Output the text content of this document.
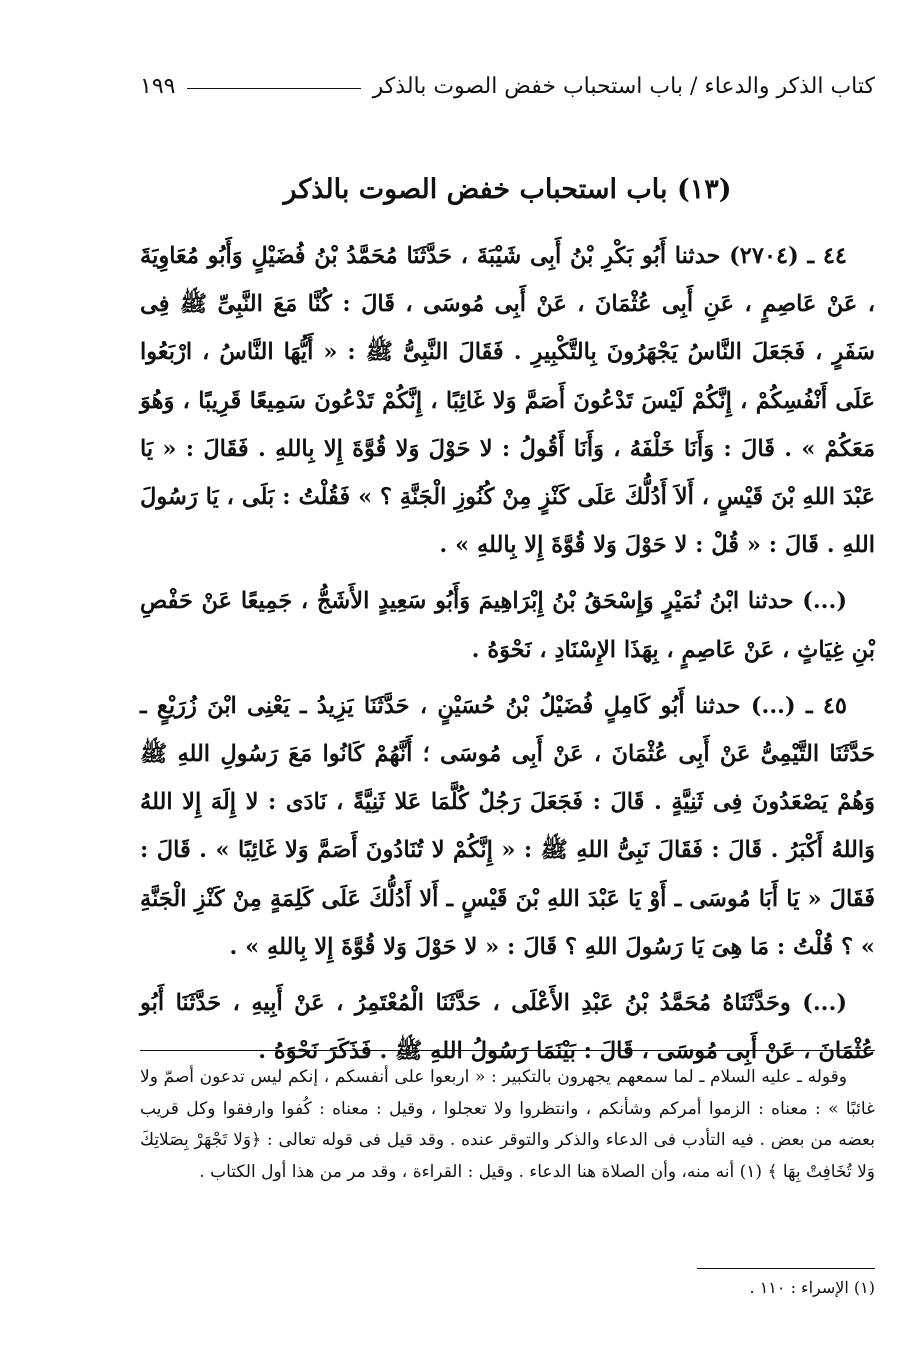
كتاب الذكر والدعاء / باب استحباب خفض الصوت بالذكر
١٩٩
(١٣) باب استحباب خفض الصوت بالذكر

٤٤ ـ (٢٧٠٤) حدثنا أَبُو بَكْرِ بْنُ أَبِى شَيْبَةَ ، حَدَّثَنَا مُحَمَّدُ بْنُ فُضَيْلٍ وَأَبُو مُعَاوِيَةَ ، عَنْ عَاصِمٍ ، عَنِ أَبِى عُثْمَانَ ، عَنْ أَبِى مُوسَى ، قَالَ : كُنَّا مَعَ النَّبِىِّ ﷺ فِى سَفَرٍ ، فَجَعَلَ النَّاسُ يَجْهَرُونَ بِالتَّكْبِيرِ . فَقَالَ النَّبِىُّ ﷺ : « أَيُّهَا النَّاسُ ، ارْبَعُوا عَلَى أَنْفُسِكُمْ ، إِنَّكُمْ لَيْسَ تَدْعُونَ أَصَمَّ وَلا غَائِبًا ، إِنَّكُمْ تَدْعُونَ سَمِيعًا قَرِيبًا ، وَهُوَ مَعَكُمْ » . قَالَ : وَأَنَا خَلْفَهُ ، وَأَنَا أَقُولُ : لا حَوْلَ وَلا قُوَّةَ إِلا بِاللهِ . فَقَالَ : « يَا عَبْدَ اللهِ بْنَ قَيْسٍ ، أَلاَ أَدُلُّكَ عَلَى كَنْزٍ مِنْ كُنُوزِ الْجَنَّةِ ؟ » فَقُلْتُ : بَلَى ، يَا رَسُولَ اللهِ . قَالَ : « قُلْ : لا حَوْلَ وَلا قُوَّةَ إِلا بِاللهِ » .

(...) حدثنا ابْنُ نُمَيْرٍ وَإِسْحَقُ بْنُ إِبْرَاهِيمَ وَأَبُو سَعِيدٍ الأَشَجُّ ، جَمِيعًا عَنْ حَفْصِ بْنِ غِيَاثٍ ، عَنْ عَاصِمٍ ، بِهَذَا الإِسْنَادِ ، نَحْوَهُ .

٤٥ ـ (...) حدثنا أَبُو كَامِلٍ فُضَيْلُ بْنُ حُسَيْنٍ ، حَدَّثَنَا يَزِيدُ ـ يَعْنِى ابْنَ زُرَيْعٍ ـ حَدَّثَنَا التَّيْمِىُّ عَنْ أَبِى عُثْمَانَ ، عَنْ أَبِى مُوسَى ؛ أَنَّهُمْ كَانُوا مَعَ رَسُولِ اللهِ ﷺ وَهُمْ يَصْعَدُونَ فِى ثَنِيَّةٍ . قَالَ : فَجَعَلَ رَجُلٌ كُلَّمَا عَلا ثَنِيَّةً ، نَادَى : لا إِلَهَ إِلا اللهُ وَاللهُ أَكْبَرُ . قَالَ : فَقَالَ نَبِىُّ اللهِ ﷺ : « إِنَّكُمْ لا تُنَادُونَ أَصَمَّ وَلا غَائِبًا » . قَالَ : فَقَالَ « يَا أَبَا مُوسَى ـ أَوْ يَا عَبْدَ اللهِ بْنَ قَيْسٍ ـ أَلا أَدُلُّكَ عَلَى كَلِمَةٍ مِنْ كَنْزِ الْجَنَّةِ » ؟ قُلْتُ : مَا هِىَ يَا رَسُولَ اللهِ ؟ قَالَ : « لا حَوْلَ وَلا قُوَّةَ إِلا بِاللهِ » .

(...) وحَدَّثَنَاهُ مُحَمَّدُ بْنُ عَبْدِ الأَعْلَى ، حَدَّثَنَا الْمُعْتَمِرُ ، عَنْ أَبِيهِ ، حَدَّثَنَا أَبُو عُثْمَانَ ، عَنْ أَبِى مُوسَى ، قَالَ : بَيْنَمَا رَسُولُ اللهِ ﷺ . فَذَكَرَ نَحْوَهُ .

وقوله ـ عليه السلام ـ لما سمعهم يجهرون بالتكبير : « اربعوا على أنفسكم ، إنكم ليس تدعون أصمّ ولا غائبًا » : معناه : الزموا أمركم وشأنكم ، وانتظروا ولا تعجلوا ، وقيل : معناه : كُفوا وارفقوا وكل قريب بعضه من بعض . فيه التأدب فى الدعاء والذكر والتوقر عنده . وقد قيل فى قوله تعالى : ﴿وَلا تَجْهَرْ بِصَلاتِكَ وَلا تُخَافِتْ بِهَا ﴾ (١) أنه منه، وأن الصلاة هنا الدعاء . وقيل : القراءة ، وقد مر من هذا أول الكتاب .

(١) الإسراء : ١١٠ .
